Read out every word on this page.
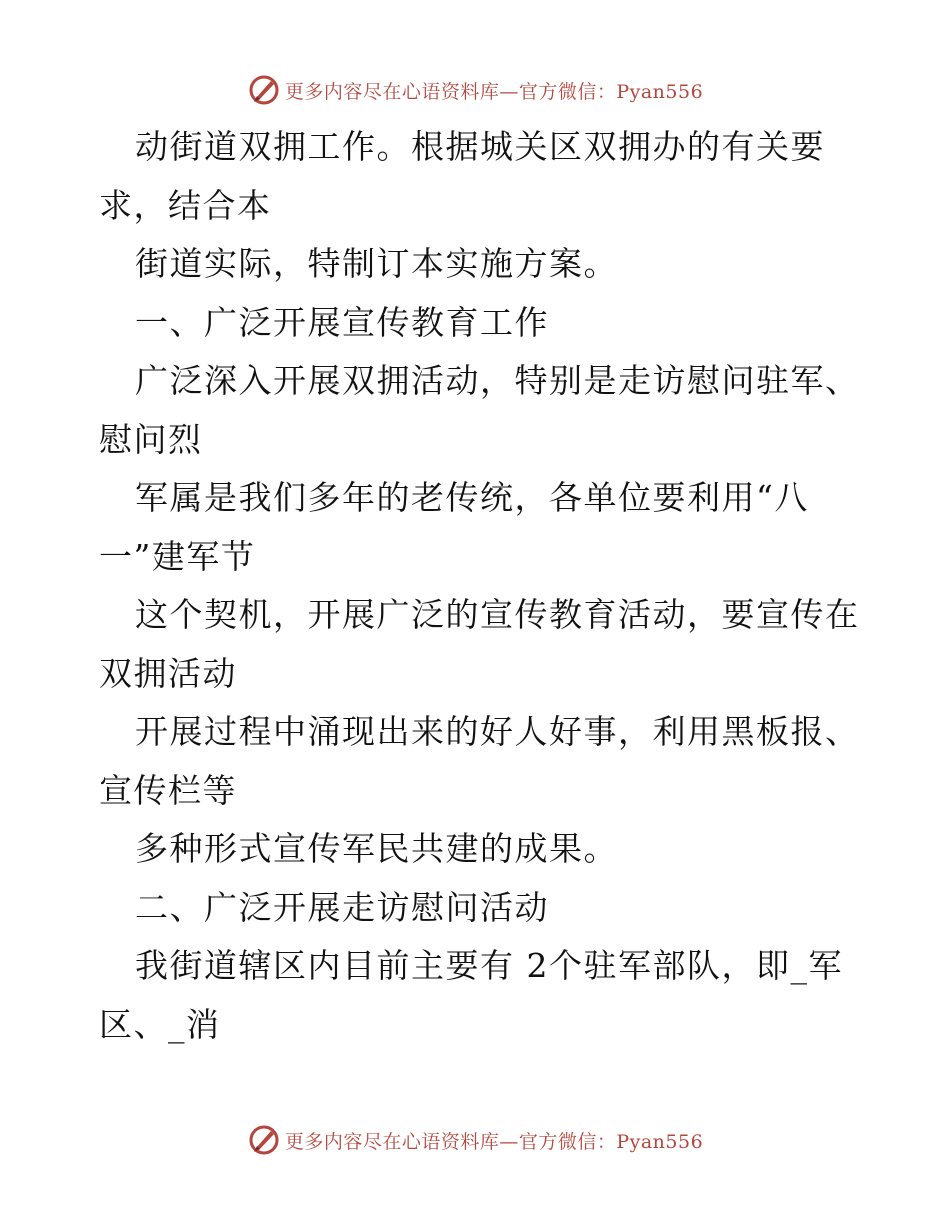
更多内容尽在心语资料库—官方微信：Pyan556
动街道双拥工作。根据城关区双拥办的有关要
求，结合本
街道实际，特制订本实施方案。
一、广泛开展宣传教育工作
广泛深入开展双拥活动，特别是走访慰问驻军、
慰问烈
军属是我们多年的老传统，各单位要利用“八
一”建军节
这个契机，开展广泛的宣传教育活动，要宣传在
双拥活动
开展过程中涌现出来的好人好事，利用黑板报、
宣传栏等
多种形式宣传军民共建的成果。
二、广泛开展走访慰问活动
我街道辖区内目前主要有 2个驻军部队，即_军
区、_消
更多内容尽在心语资料库—官方微信：Pyan556
